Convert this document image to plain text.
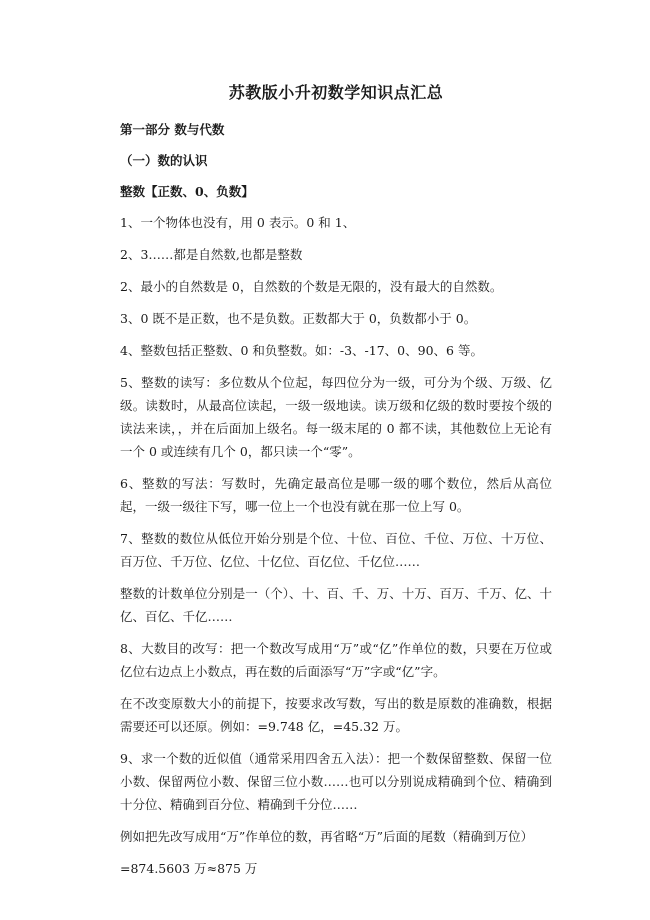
苏教版小升初数学知识点汇总
第一部分 数与代数
（一）数的认识
整数【正数、0、负数】
1、一个物体也没有，用 0 表示。0 和 1、
2、3……都是自然数,也都是整数
2、最小的自然数是 0，自然数的个数是无限的，没有最大的自然数。
3、0 既不是正数，也不是负数。正数都大于 0，负数都小于 0。
4、整数包括正整数、0 和负整数。如：-3、-17、0、90、6 等。
5、整数的读写：多位数从个位起，每四位分为一级，可分为个级、万级、亿级。读数时，从最高位读起，一级一级地读。读万级和亿级的数时要按个级的读法来读，，并在后面加上级名。每一级末尾的 0 都不读，其他数位上无论有一个 0 或连续有几个 0，都只读一个“零”。
6、整数的写法：写数时，先确定最高位是哪一级的哪个数位，然后从高位起，一级一级往下写，哪一位上一个也没有就在那一位上写 0。
7、整数的数位从低位开始分别是个位、十位、百位、千位、万位、十万位、百万位、千万位、亿位、十亿位、百亿位、千亿位……
整数的计数单位分别是一（个）、十、百、千、万、十万、百万、千万、亿、十亿、百亿、千亿……
8、大数目的改写：把一个数改写成用“万”或“亿”作单位的数，只要在万位或亿位右边点上小数点，再在数的后面添写“万”字或“亿”字。
在不改变原数大小的前提下，按要求改写数，写出的数是原数的准确数，根据需要还可以还原。例如：=9.748 亿，=45.32 万。
9、求一个数的近似值（通常采用四舍五入法）：把一个数保留整数、保留一位小数、保留两位小数、保留三位小数……也可以分别说成精确到个位、精确到十分位、精确到百分位、精确到千分位……
例如把先改写成用“万”作单位的数，再省略“万”后面的尾数（精确到万位）
=874.5603 万≈875 万
